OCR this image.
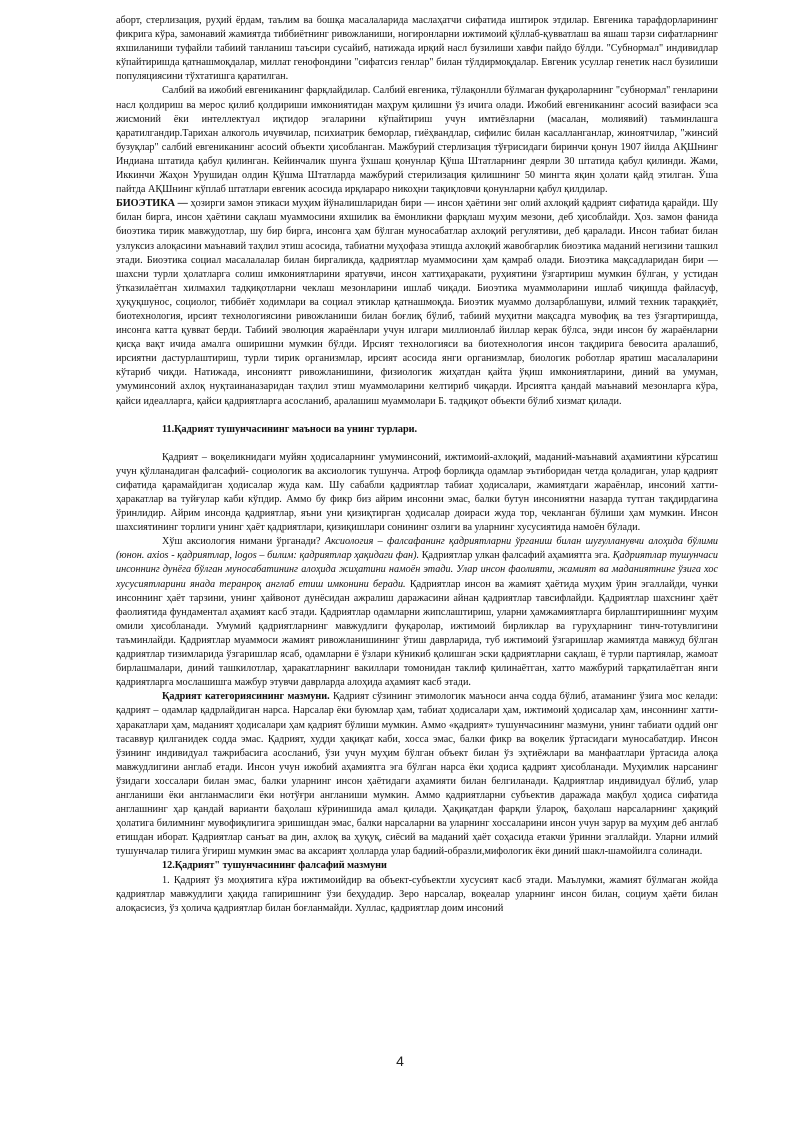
аборт, стерлизация, руҳий ёрдам, таълим ва бошқа масалаларида маслаҳатчи сифатида иштирок этдилар. Евгеника тарафдорларининг фикрига кўра, замонавий жамиятда тиббиётнинг ривожланиши, ногиронларни ижтимоий қўллаб-қувватлаш ва яшаш тарзи сифатларнинг яхшиланиши туфайли табиий танланиш таъсири сусайиб, натижада ирқий насл бузилиши хавфи пайдо бўлди. "Субнормал" индивидлар кўпайтиришда қатнашмоқдалар, миллат генофондини "сифатсиз генлар" билан тўлдирмоқдалар. Евгеник усуллар генетик насл бузилиши популяциясини тўхтатишга қаратилган.

Салбий ва ижобий евгениканинг фарқлайдилар. Салбий евгеника, тўлақонлли бўлмаган фуқароларнинг "субнормал" генларини насл қолдириш ва мерос қилиб қолдириши имкониятидан маҳрум қилишни ўз ичига олади. Ижобий евгениканинг асосий вазифаси эса жисмоний ёки интеллектуал иқтидор эгаларини кўпайтириш учун имтиёзларни (масалан, молиявий) таъминлашга қаратилгандир.Тарихан алкоголь ичувчилар, психиатрик беморлар, гиёҳвандлар, сифилис билан касалланганлар, жиноятчилар, "жинсий бузуқлар" салбий евгениканинг асосий объекти ҳисобланган. Мажбурий стерлизация тўғрисидаги биринчи қонун 1907 йилда АҚШнинг Индиана штатида қабул қилинган. Кейинчалик шунга ўхшаш қонунлар Қўша Штатларнинг деярли 30 штатида қабул қилинди. Жами, Иккинчи Жаҳон Урушидан олдин Қўшма Штатларда мажбурий стерилизация қилишнинг 50 мингта яқин ҳолати қайд этилган. Ўша пайтда АҚШнинг кўплаб штатлари евгеник асосида ирқлараро никоҳни тақиқловчи қонунларни қабул қилдилар.

БИОЭТИКА — ҳозирги замон этикаси муҳим йўналишларидан бири — инсон ҳаётини энг олий ахлоқий қадрият сифатида қарайди. Шу билан бирга, инсон ҳаётини сақлаш муаммосини яхшилик ва ёмонликни фарқлаш муҳим мезони, деб ҳисоблайди. Ҳоз. замон фанида биоэтика тирик мавжудотлар, шу бир бирга, инсонга ҳам бўлган муносабатлар ахлоқий регулятиви, деб қаралади. Инсон табиат билан узлуксиз алоқасини маънавий таҳлил этиш асосида, табиатни муҳофаза этишда ахлоқий жавобгарлик биоэтика маданий негизини ташкил этади. Биоэтика социал масалалалар билан биргаликда, қадриятлар муаммосини ҳам қамраб олади. Биоэтика мақсадларидан бири — шахсни турли ҳолатларга солиш имкониятларини яратувчи, инсон хаттиҳаракати, руҳиятини ўзгартириш мумкин бўлган, у устидан ўтказилаётган хилмахил тадқиқотларни чеклаш мезонларини ишлаб чиқади. Биоэтика муаммоларини ишлаб чиқишда файласуф, ҳуқуқшунос, социолог, тиббиёт ходимлари ва социал этиклар қатнашмоқда. Биоэтик муаммо долзарблашуви, илмий техник тараққиёт, биотехнология, ирсият технологиясини ривожланиши билан боғлиқ бўлиб, табиий муҳитни мақсадга мувофиқ ва тез ўзгартиришда, инсонга катта қувват берди. Табиий эволюция жараёнлари учун илгари миллионлаб йиллар керак бўлса, энди инсон бу жараёнларни қисқа вақт ичида амалга оширишни мумкин бўлди. Ирсият технологияси ва биотехнология инсон тақдирига бевосита аралашиб, ирсиятни дастурлаштириш, турли тирик организмлар, ирсият асосида янги организмлар, биологик роботлар яратиш масалаларини кўтариб чиқди. Натижада, инсониятт ривожланишини, физиологик жиҳатдан қайта ўқиш имкониятларини, диний ва умуман, умуминсоний ахлоқ нуқтаинаназаридан таҳлил этиш муаммоларини келтириб чиқарди. Ирсиятга қандай маънавий мезонларга кўра, қайси идеалларга, қайси қадриятларга асосланиб, аралашиш муаммолари Б. тадқиқот объекти бўлиб хизмат қилади.

11.Қадрият тушунчасининг маъноси ва унинг турлари.

Қадрият – воқеликнидаги муйян ҳодисаларнинг умуминсоний, ижтимоий-ахлоқий, маданий-маънавий аҳамиятини кўрсатиш учун қўлланадиган фалсафий- социологик ва аксиологик тушунча. Атроф борлиқда одамлар эътиборидан четда қоладиган, улар қадрият сифатида қарамайдиган ҳодисалар жуда кам. Шу сабабли қадриятлар табиат ҳодисалари, жамиятдаги жараёнлар, инсоний хатти-ҳаракатлар ва туйғулар каби кўпдир. Аммо бу фикр биз айрим инсонни эмас, балки бутун инсониятни назарда тутган тақдирдагина ўринлидир. Айрим инсонда қадриятлар, яъни уни қизиқтирган ҳодисалар доираси жуда тор, чекланган бўлиши ҳам мумкин. Инсон шахсиятининг торлиги унинг ҳаёт қадриятлари, қизиқишлари сонининг озлиги ва уларнинг хусусиятида намоён бўлади.

Хўш аксиология нимани ўрганади? Аксиология – фалсафанинг қадриятларни ўрганиш билан шуғулланувчи алоҳида бўлими (юнон. axios - қадриятлар, logos – билим: қадриятлар ҳақидаги фан). Қадриятлар улкан фалсафий аҳамиятга эга. Қадриятлар тушунчаси инсоннинг дунёга бўлган муносабатининг алоҳида жиҳатини намоён этади. Улар инсон фаолияти, жамият ва маданиятнинг ўзига хос хусусиятларини янада теранроқ англаб етиш имконини беради. Қадриятлар инсон ва жамият ҳаётида муҳим ўрин эгаллайди, чунки инсоннинг ҳаёт тарзини, унинг ҳайвонот дунёсидан ажралиш даражасини айнан қадриятлар тавсифлайди. Қадриятлар шахснинг ҳаёт фаолиятида фундаментал аҳамият касб этади. Қадриятлар одамларни жипслаштириш, уларни ҳамжамиятларга бирлаштиришнинг муҳим омили ҳисобланади. Умумий қадриятларнинг мавжудлиги фуқаролар, ижтимоий бирликлар ва гуруҳларнинг тинч-тотувлигини таъминлайди. Қадриятлар муаммоси жамият ривожланишининг ўтиш даврларида, туб ижтимоий ўзгаришлар жамиятда мавжуд бўлган қадриятлар тизимларида ўзгаришлар ясаб, одамларни ё ўзлари кўникиб қолишган эски қадриятларни сақлаш, ё турли партиялар, жамоат бирлашмалари, диний ташкилотлар, ҳаракатларнинг вакиллари томонидан таклиф қилинаётган, хатто мажбурий тарқатилаётган янги қадриятларга мослашишга мажбур этувчи даврларда алоҳида аҳамият касб этади.

Қадрият категориясининг мазмуни. Қадрият сўзининг этимологик маъноси анча содда бўлиб, атаманинг ўзига мос келади: қадрият – одамлар қадрлайдиган нарса. Нарсалар ёки буюмлар ҳам, табиат ҳодисалари ҳам, ижтимоий ҳодисалар ҳам, инсоннинг хатти-ҳаракатлари ҳам, маданият ҳодисалари ҳам қадрият бўлиши мумкин. Аммо «қадрият» тушунчасининг мазмуни, унинг табиати оддий онг тасаввур қилганидек содда эмас. Қадрият, худди ҳақиқат каби, хосса эмас, балки фикр ва воқелик ўртасидаги муносабатдир. Инсон ўзининг индивидуал тажрибасига асосланиб, ўзи учун муҳим бўлган объект билан ўз эҳтиёжлари ва манфаатлари ўртасида алоқа мавжудлигини англаб етади. Инсон учун ижобий аҳамиятга эга бўлган нарса ёки ҳодиса қадрият ҳисобланади. Муҳимлик нарсанинг ўзидаги хоссалари билан эмас, балки уларнинг инсон ҳаётидаги аҳамияти билан белгиланади. Қадриятлар индивидуал бўлиб, улар англаниши ёки англанмаслиги ёки нотўғри англаниши мумкин. Аммо қадриятларни субъектив даражада мақбул ҳодиса сифатида англашнинг ҳар қандай варианти баҳолаш кўринишида амал қилади. Ҳақиқатдан фарқли ўлароқ, баҳолаш нарсаларнинг ҳақиқий ҳолатига билимнинг мувофиқлигига эришишдан эмас, балки нарсаларни ва уларнинг хоссаларини инсон учун зарур ва муҳим деб англаб етишдан иборат. Қадриятлар санъат ва дин, ахлоқ ва ҳуқуқ, сиёсий ва маданий ҳаёт соҳасида етакчи ўринни эгаллайди. Уларни илмий тушунчалар тилига ўгириш мумкин эмас ва аксарият ҳолларда улар бадиий-образли,мифологик ёки диний шакл-шамойилга солинади.

12.Қадрият" тушунчасининг фалсафий мазмуни

1. Қадрият ўз моҳиятига кўра ижтимоийдир ва объект-субъектли хусусият касб этади. Маълумки, жамият бўлмаган жойда қадриятлар мавжудлиги ҳақида гапиришнинг ўзи беҳудадир. Зеро нарсалар, воқеалар уларнинг инсон билан, социум ҳаёти билан алоқасисиз, ўз ҳолича қадриятлар билан боғланмайди. Хуллас, қадриятлар доим инсоний

4
